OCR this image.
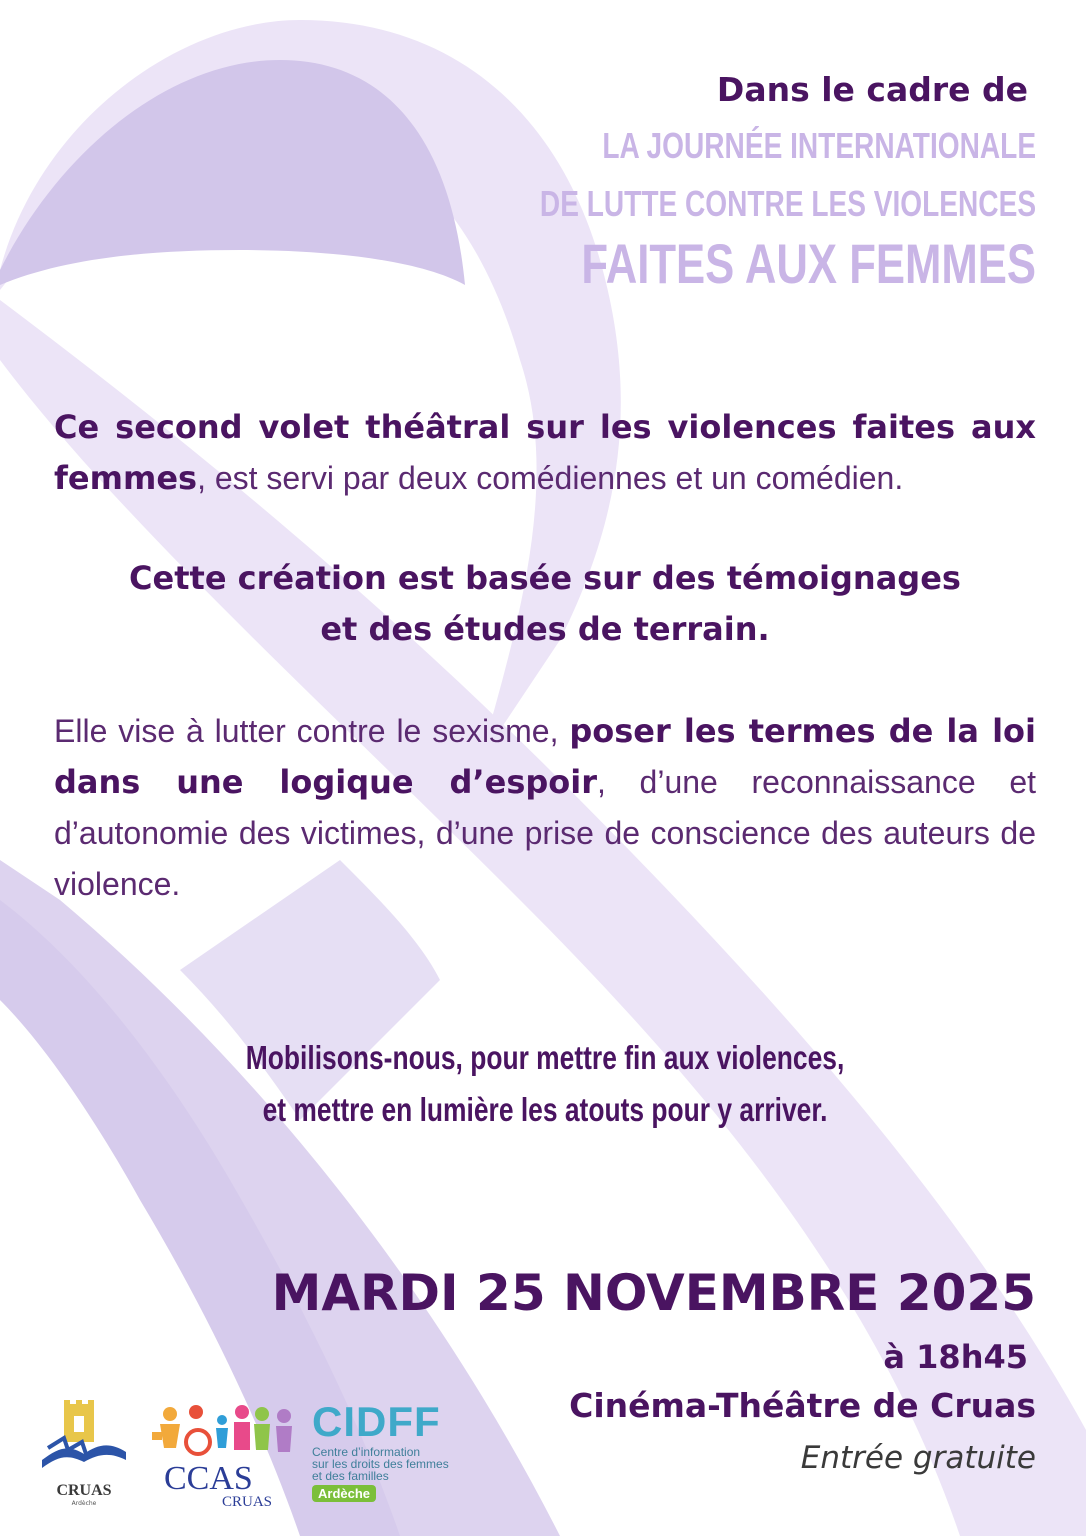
Dans le cadre de
LA JOURNÉE INTERNATIONALE
DE LUTTE CONTRE LES VIOLENCES
FAITES AUX FEMMES
Ce second volet théâtral sur les violences faites aux femmes, est servi par deux comédiennes et un comédien.
Cette création est basée sur des témoignages
et des études de terrain.
Elle vise à lutter contre le sexisme, poser les termes de la loi dans une logique d’espoir, d’une reconnaissance et d’autonomie des victimes, d’une prise de conscience des auteurs de violence.
Mobilisons-nous, pour mettre fin aux violences,
et mettre en lumière les atouts pour y arriver.
MARDI 25 NOVEMBRE 2025
à 18h45
Cinéma-Théâtre de Cruas
Entrée gratuite
CRUAS
Ardèche
CCAS
CRUAS
CIDFF
Centre d’information
sur les droits des femmes
et des familles
Ardèche
